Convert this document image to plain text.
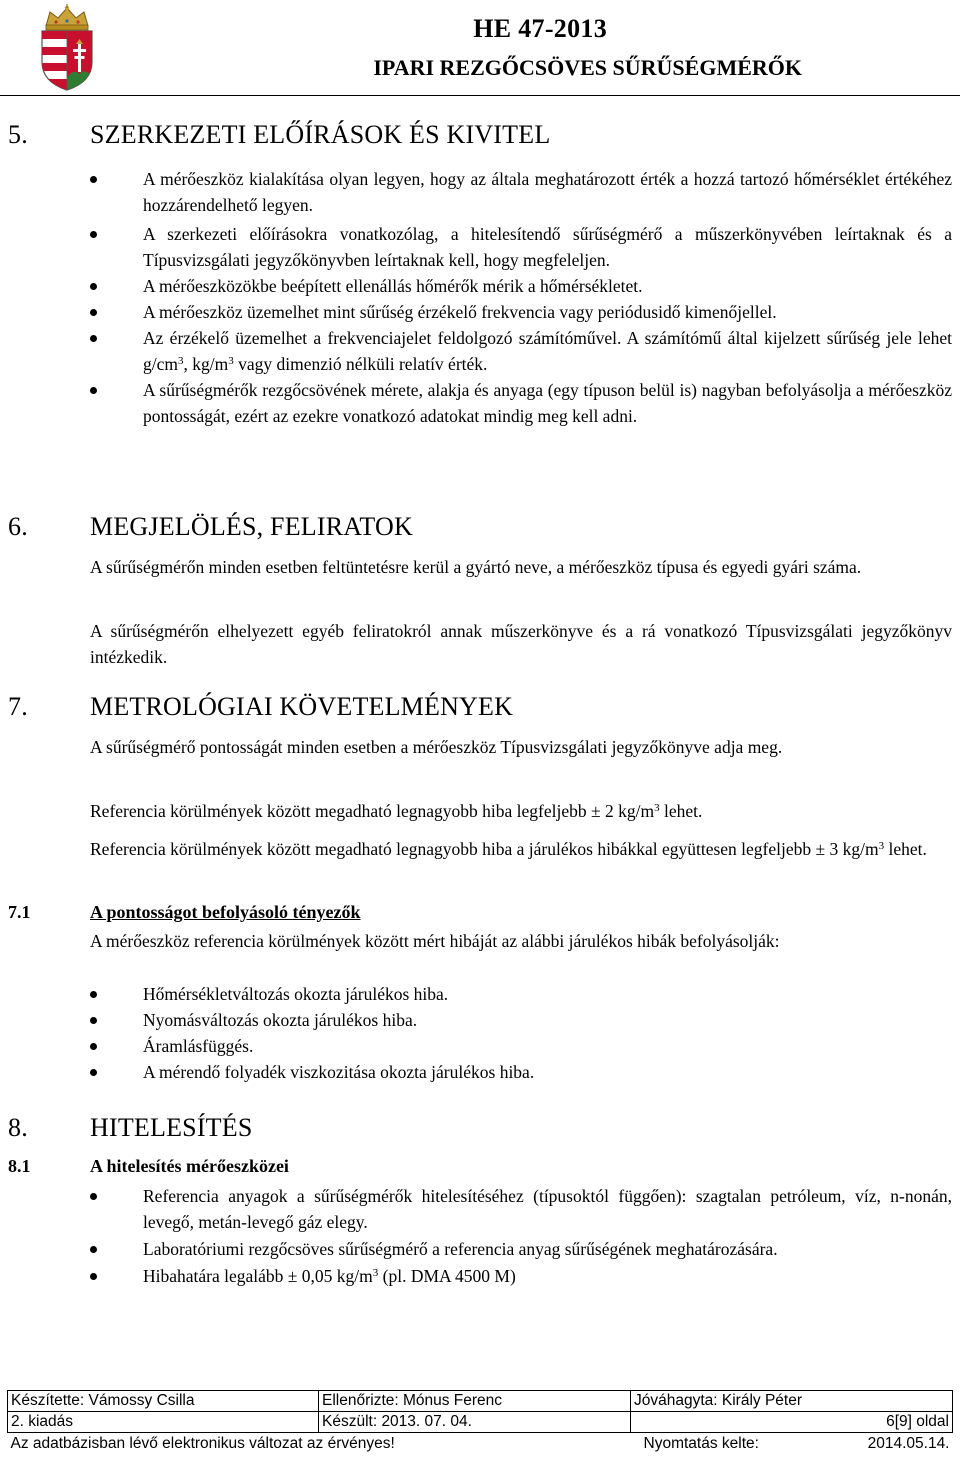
HE 47-2013
IPARI REZGŐCSÖVES SŰRŰSÉGMÉRŐK
5. SZERKEZETI ELŐÍRÁSOK ÉS KIVITEL
A mérőeszköz kialakítása olyan legyen, hogy az általa meghatározott érték a hozzá tartozó hőmérséklet értékéhez hozzárendelhető legyen.
A szerkezeti előírásokra vonatkozólag, a hitelesítendő sűrűségmérő a műszerkönyvében leírtaknak és a Típusvizsgálati jegyzőkönyvben leírtaknak kell, hogy megfeleljen.
A mérőeszközökbe beépített ellenállás hőmérők mérik a hőmérsékletet.
A mérőeszköz üzemelhet mint sűrűség érzékelő frekvencia vagy periódusidő kimenőjellel.
Az érzékelő üzemelhet a frekvenciajelet feldolgozó számítóművel. A számítómű által kijelzett sűrűség jele lehet $g/cm^3$, $kg/m^3$ vagy dimenzió nélküli relatív érték.
A sűrűségmérők rezgőcsövének mérete, alakja és anyaga (egy típuson belül is) nagyban befolyásolja a mérőeszköz pontosságát, ezért az ezekre vonatkozó adatokat mindig meg kell adni.
6. MEGJELÖLÉS, FELIRATOK
A sűrűségmérőn minden esetben feltüntetésre kerül a gyártó neve, a mérőeszköz típusa és egyedi gyári száma.
A sűrűségmérőn elhelyezett egyéb feliratokról annak műszerkönyve és a rá vonatkozó Típusvizsgálati jegyzőkönyv intézkedik.
7. METROLÓGIAI KÖVETELMÉNYEK
A sűrűségmérő pontosságát minden esetben a mérőeszköz Típusvizsgálati jegyzőkönyve adja meg.
Referencia körülmények között megadható legnagyobb hiba legfeljebb ± 2 $kg/m^3$ lehet.
Referencia körülmények között megadható legnagyobb hiba a járulékos hibákkal együttesen legfeljebb ± 3 $kg/m^3$ lehet.
7.1	A pontosságot befolyásoló tényezők
A mérőeszköz referencia körülmények között mért hibáját az alábbi járulékos hibák befolyásolják:
Hőmérsékletváltozás okozta járulékos hiba.
Nyomásváltozás okozta járulékos hiba.
Áramlásfüggés.
A mérendő folyadék viszkozitása okozta járulékos hiba.
8. HITELESÍTÉS
8.1	A hitelesítés mérőeszközei
Referencia anyagok a sűrűségmérők hitelesítéséhez (típusoktól függően): szagtalan petróleum, víz, n-nonán, levegő, metán-levegő gáz elegy.
Laboratóriumi rezgőcsöves sűrűségmérő a referencia anyag sűrűségének meghatározására.
Hibahatára legalább ± 0,05 $kg/m^3$ (pl. DMA 4500 M)
Készítette: Vámossy Csilla	Ellenőrizte: Mónus Ferenc	Jóváhagyta: Király Péter
2. kiadás	Készült: 2013. 07. 04.	6[9] oldal
Az adatbázisban lévő elektronikus változat az érvényes!		Nyomtatás kelte: 2014.05.14.
